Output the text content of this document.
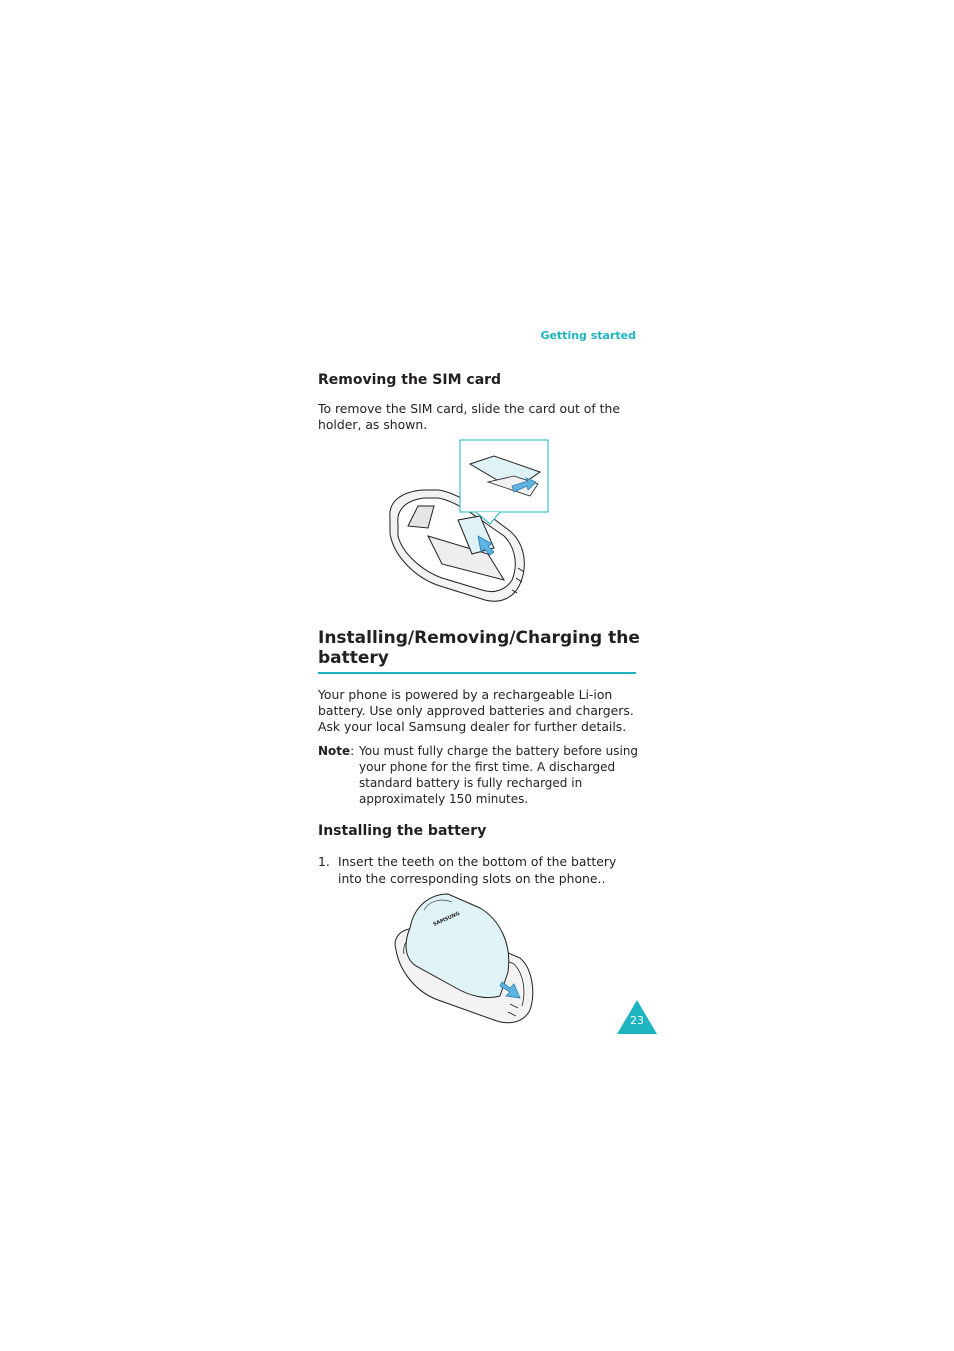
Getting started
Removing the SIM card
To remove the SIM card, slide the card out of the holder, as shown.
Installing/Removing/Charging the
battery
Your phone is powered by a rechargeable Li-ion battery. Use only approved batteries and chargers. Ask your local Samsung dealer for further details.
Note: You must fully charge the battery before using your phone for the first time. A discharged standard battery is fully recharged in approximately 150 minutes.
Installing the battery
1. Insert the teeth on the bottom of the battery into the corresponding slots on the phone..
SAMSUNG
23
